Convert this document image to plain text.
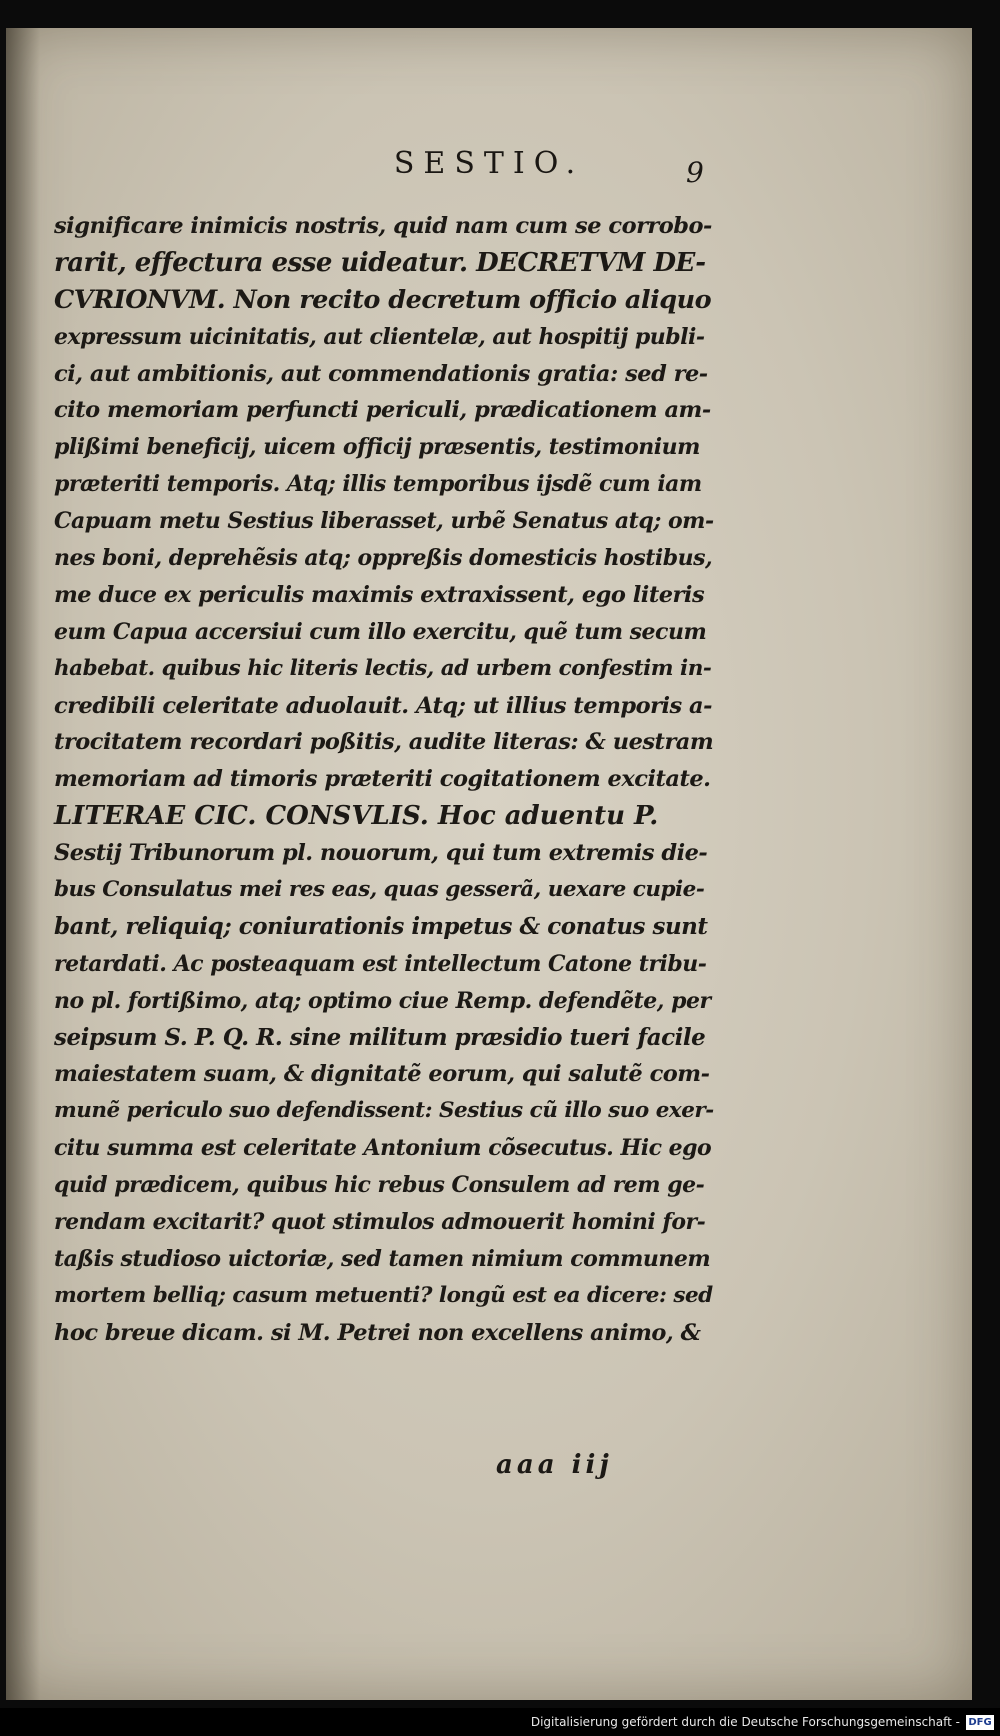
SESTIO.	9
significare inimicis nostris, quid nam cum se corrobo-
rarit, effectura esse uideatur. DECRETVM DE-
CVRIONVM. Non recito decretum officio aliquo
expressum uicinitatis, aut clientelæ, aut hospitij publi-
ci, aut ambitionis, aut commendationis gratia: sed re-
cito memoriam perfuncti periculi, prædicationem am-
plißimi beneficij, uicem officij præsentis, testimonium
præteriti temporis. Atq; illis temporibus ijsdẽ cum iam
Capuam metu Sestius liberasset, urbẽ Senatus atq; om-
nes boni, deprehẽsis atq; oppreßis domesticis hostibus,
me duce ex periculis maximis extraxissent, ego literis
eum Capua accersiui cum illo exercitu, quẽ tum secum
habebat. quibus hic literis lectis, ad urbem confestim in-
credibili celeritate aduolauit. Atq; ut illius temporis a-
trocitatem recordari poßitis, audite literas: & uestram
memoriam ad timoris præteriti cogitationem excitate.
LITERAE CIC. CONSVLIS. Hoc aduentu P.
Sestij Tribunorum pl. nouorum, qui tum extremis die-
bus Consulatus mei res eas, quas gesserã, uexare cupie-
bant, reliquiq; coniurationis impetus & conatus sunt
retardati. Ac posteaquam est intellectum Catone tribu-
no pl. fortißimo, atq; optimo ciue Remp. defendẽte, per
seipsum S. P. Q. R. sine militum præsidio tueri facile
maiestatem suam, & dignitatẽ eorum, qui salutẽ com-
munẽ periculo suo defendissent: Sestius cũ illo suo exer-
citu summa est celeritate Antonium cõsecutus. Hic ego
quid prædicem, quibus hic rebus Consulem ad rem ge-
rendam excitarit? quot stimulos admouerit homini for-
taßis studioso uictoriæ, sed tamen nimium communem
mortem belliq; casum metuenti? longũ est ea dicere: sed
hoc breue dicam. si M. Petrei non excellens animo, &
aaa iij
Digitalisierung gefördert durch die Deutsche Forschungsgemeinschaft - DFG
